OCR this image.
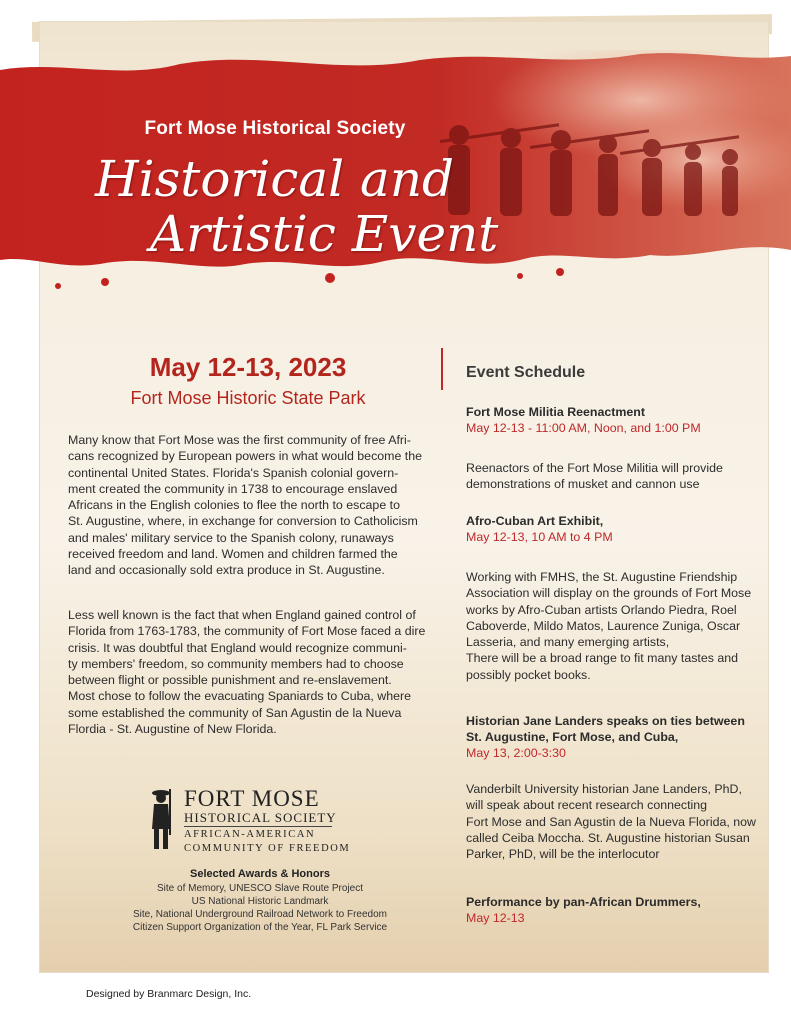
Fort Mose Historical Society
Historical and
Artistic Event
May 12-13, 2023
Fort Mose Historic State Park

Many know that Fort Mose was the first community of free Afri-
cans recognized by European powers in what would become the
continental United States. Florida's Spanish colonial govern-
ment created the community in 1738 to encourage enslaved
Africans in the English colonies to flee the north to escape to
St. Augustine, where, in exchange for conversion to Catholicism
and males' military service to the Spanish colony, runaways
received freedom and land. Women and children farmed the
land and occasionally sold extra produce in St. Augustine.

Less well known is the fact that when England gained control of
Florida from 1763-1783, the community of Fort Mose faced a dire
crisis. It was doubtful that England would recognize communi-
ty members' freedom, so community members had to choose
between flight or possible punishment and re-enslavement.
Most chose to follow the evacuating Spaniards to Cuba, where
some established the community of San Agustin de la Nueva
Flordia - St. Augustine of New Florida.

Event Schedule
Fort Mose Militia Reenactment
May 12-13 - 11:00 AM, Noon, and 1:00 PM

Reenactors of the Fort Mose Militia will provide
demonstrations of musket and cannon use

Afro-Cuban Art Exhibit,
May 12-13, 10 AM to 4 PM

Working with FMHS, the St. Augustine Friendship
Association will display on the grounds of Fort Mose
works by Afro-Cuban artists Orlando Piedra, Roel
Caboverde, Mildo Matos, Laurence Zuniga, Oscar
Lasseria, and many emerging artists,
There will be a broad range to fit many tastes and
possibly pocket books.

Historian Jane Landers speaks on ties between
St. Augustine, Fort Mose, and Cuba,
May 13, 2:00-3:30

Vanderbilt University historian Jane Landers, PhD,
will speak about recent research connecting
Fort Mose and San Agustin de la Nueva Florida, now
called Ceiba Moccha. St. Augustine historian Susan
Parker, PhD, will be the interlocutor

Performance by pan-African Drummers,
May 12-13
FORT MOSE
HISTORICAL SOCIETY
AFRICAN-AMERICAN
COMMUNITY OF FREEDOM
Selected Awards & Honors
Site of Memory, UNESCO Slave Route Project
US National Historic Landmark
Site, National Underground Railroad Network to Freedom
Citizen Support Organization of the Year, FL Park Service
Designed by Branmarc Design, Inc.
